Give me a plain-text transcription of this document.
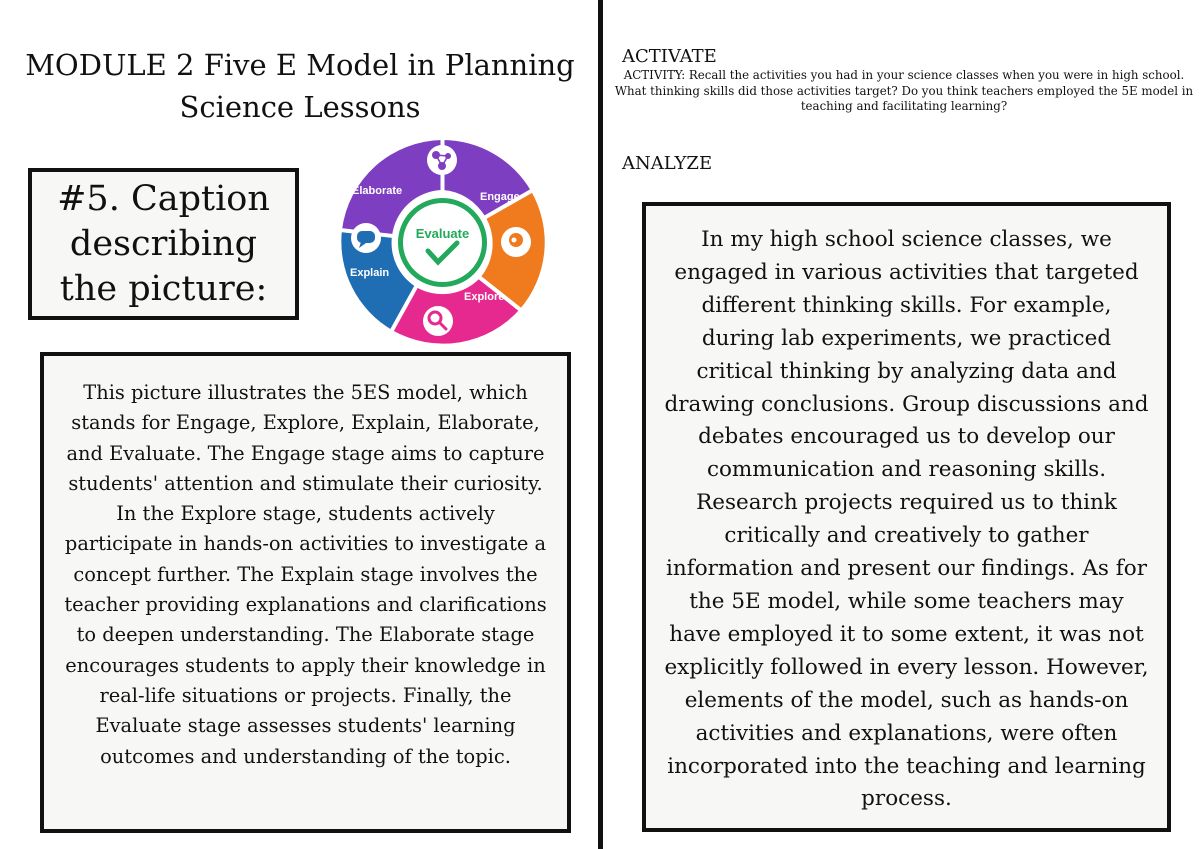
MODULE 2 Five E Model in Planning Science Lessons
#5. Caption describing the picture:
Evaluate
Elaborate	Engage
Explore
Explain
This picture illustrates the 5ES model, which stands for Engage, Explore, Explain, Elaborate, and Evaluate. The Engage stage aims to capture students' attention and stimulate their curiosity. In the Explore stage, students actively participate in hands-on activities to investigate a concept further. The Explain stage involves the teacher providing explanations and clarifications to deepen understanding. The Elaborate stage encourages students to apply their knowledge in real-life situations or projects. Finally, the Evaluate stage assesses students' learning outcomes and understanding of the topic.
ACTIVATE
ACTIVITY: Recall the activities you had in your science classes when you were in high school. What thinking skills did those activities target? Do you think teachers employed the 5E model in teaching and facilitating learning?
ANALYZE
In my high school science classes, we engaged in various activities that targeted different thinking skills. For example, during lab experiments, we practiced critical thinking by analyzing data and drawing conclusions. Group discussions and debates encouraged us to develop our communication and reasoning skills. Research projects required us to think critically and creatively to gather information and present our findings. As for the 5E model, while some teachers may have employed it to some extent, it was not explicitly followed in every lesson. However, elements of the model, such as hands-on activities and explanations, were often incorporated into the teaching and learning process.
